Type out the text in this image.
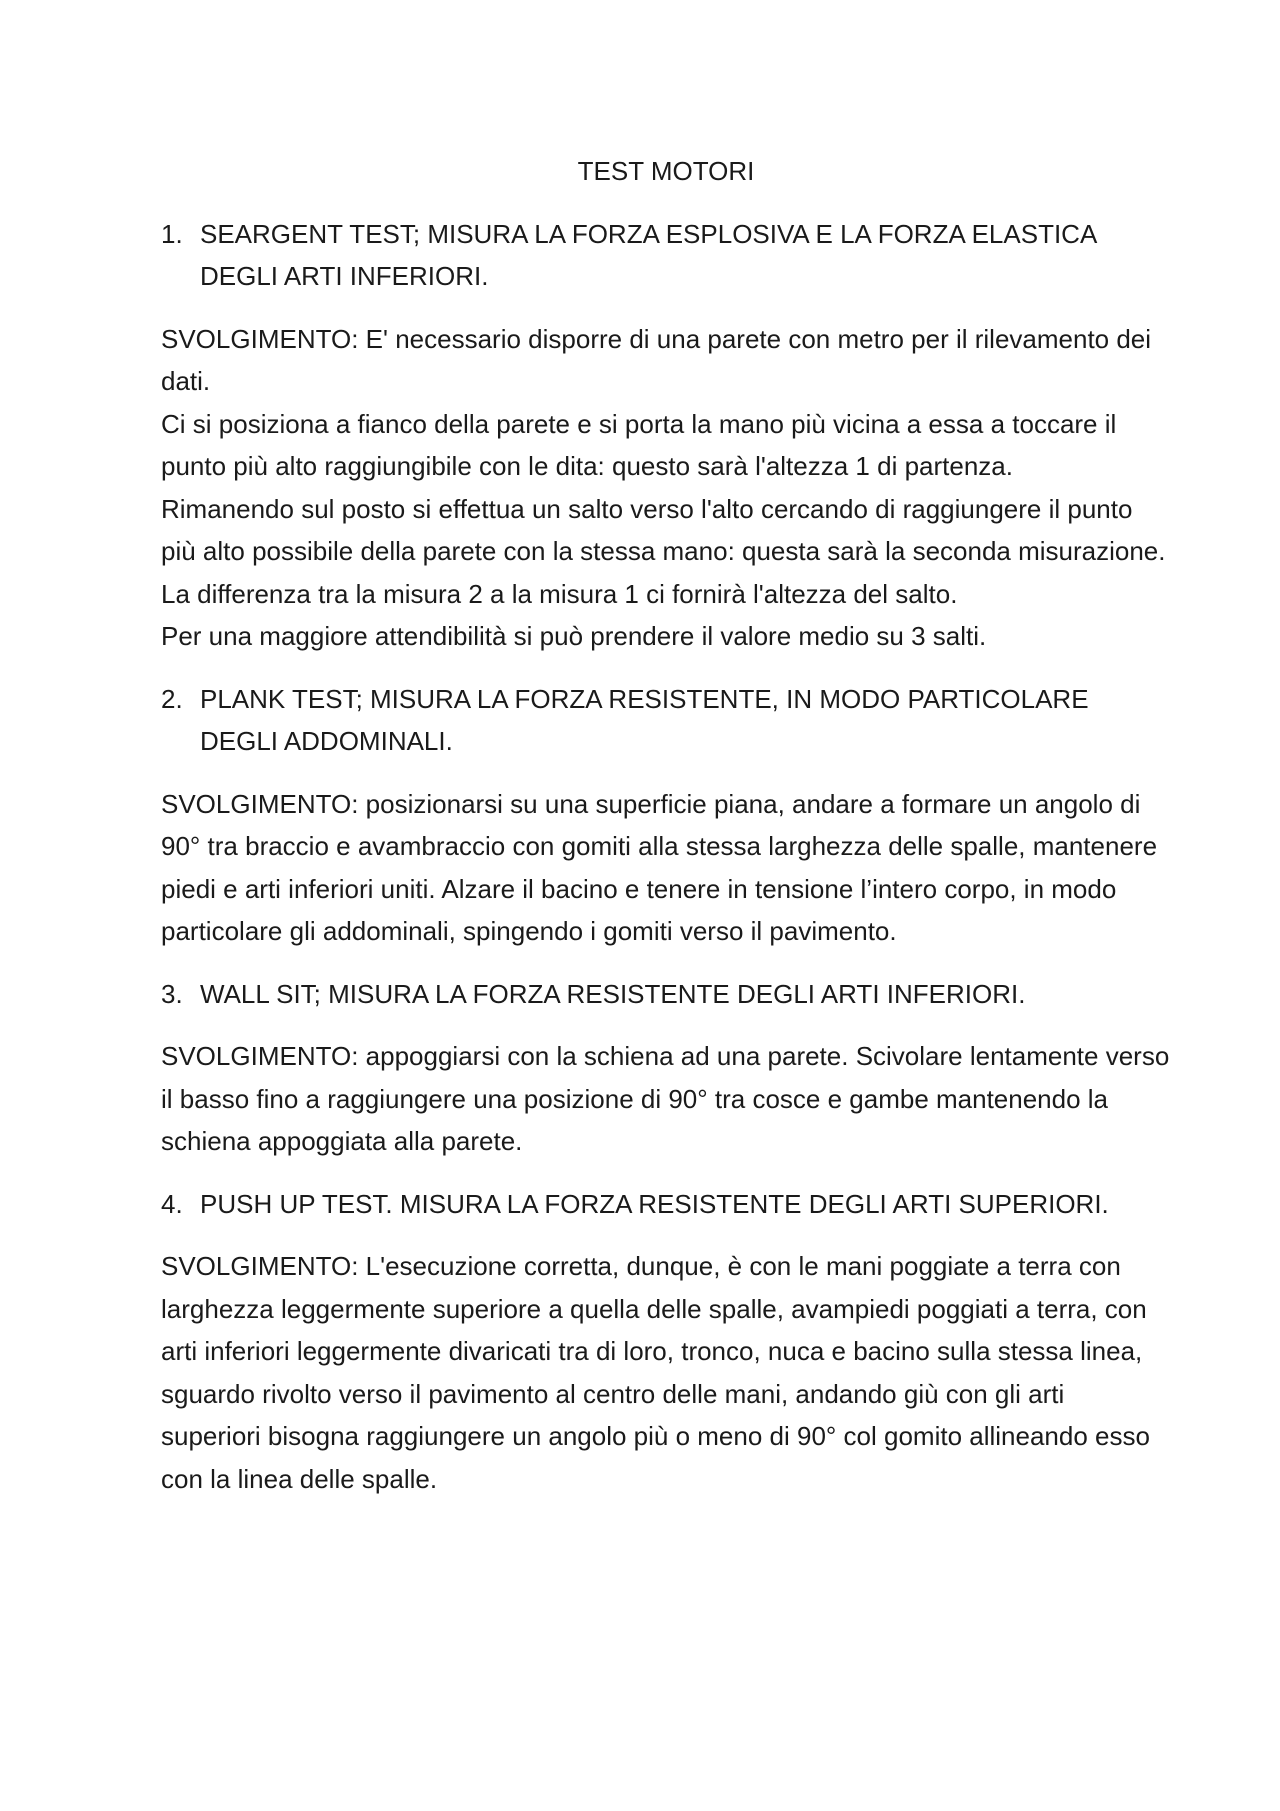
TEST MOTORI
1. SEARGENT TEST; MISURA LA FORZA ESPLOSIVA E LA FORZA ELASTICA DEGLI ARTI INFERIORI.
SVOLGIMENTO: E' necessario disporre di una parete con metro per il rilevamento dei dati.
Ci si posiziona a fianco della parete e si porta la mano più vicina a essa a toccare il punto più alto raggiungibile con le dita: questo sarà l'altezza 1 di partenza.
Rimanendo sul posto si effettua un salto verso l'alto cercando di raggiungere il punto più alto possibile della parete con la stessa mano: questa sarà la seconda misurazione.
La differenza tra la misura 2 a la misura 1 ci fornirà l'altezza del salto.
Per una maggiore attendibilità si può prendere il valore medio su 3 salti.
2. PLANK TEST; MISURA LA FORZA RESISTENTE, IN MODO PARTICOLARE DEGLI ADDOMINALI.
SVOLGIMENTO: posizionarsi su una superficie piana, andare a formare un angolo di 90° tra braccio e avambraccio con gomiti alla stessa larghezza delle spalle, mantenere piedi e arti inferiori uniti. Alzare il bacino e tenere in tensione l’intero corpo, in modo particolare gli addominali, spingendo i gomiti verso il pavimento.
3. WALL SIT; MISURA LA FORZA RESISTENTE DEGLI ARTI INFERIORI.
SVOLGIMENTO: appoggiarsi con la schiena ad una parete. Scivolare lentamente verso il basso fino a raggiungere una posizione di 90° tra cosce e gambe mantenendo la schiena appoggiata alla parete.
4. PUSH UP TEST. MISURA LA FORZA RESISTENTE DEGLI ARTI SUPERIORI.
SVOLGIMENTO: L'esecuzione corretta, dunque, è con le mani poggiate a terra con larghezza leggermente superiore a quella delle spalle, avampiedi poggiati a terra, con arti inferiori leggermente divaricati tra di loro, tronco, nuca e bacino sulla stessa linea, sguardo rivolto verso il pavimento al centro delle mani, andando giù con gli arti superiori bisogna raggiungere un angolo più o meno di 90° col gomito allineando esso con la linea delle spalle.
